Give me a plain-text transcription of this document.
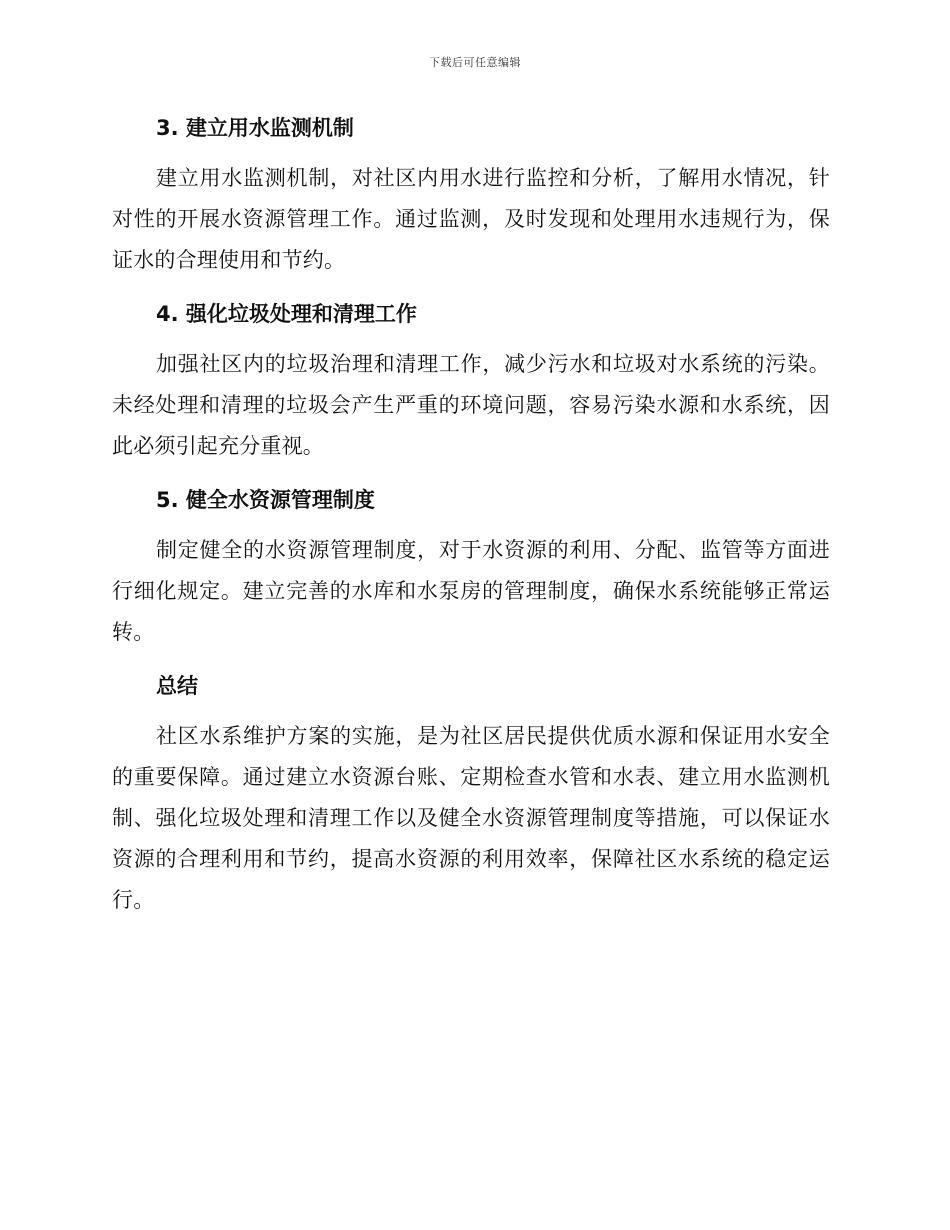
下载后可任意编辑
3. 建立用水监测机制

建立用水监测机制，对社区内用水进行监控和分析，了解用水情况，针对性的开展水资源管理工作。通过监测，及时发现和处理用水违规行为，保证水的合理使用和节约。

4. 强化垃圾处理和清理工作

加强社区内的垃圾治理和清理工作，减少污水和垃圾对水系统的污染。未经处理和清理的垃圾会产生严重的环境问题，容易污染水源和水系统，因此必须引起充分重视。

5. 健全水资源管理制度

制定健全的水资源管理制度，对于水资源的利用、分配、监管等方面进行细化规定。建立完善的水库和水泵房的管理制度，确保水系统能够正常运转。

总结

社区水系维护方案的实施，是为社区居民提供优质水源和保证用水安全的重要保障。通过建立水资源台账、定期检查水管和水表、建立用水监测机制、强化垃圾处理和清理工作以及健全水资源管理制度等措施，可以保证水资源的合理利用和节约，提高水资源的利用效率，保障社区水系统的稳定运行。
